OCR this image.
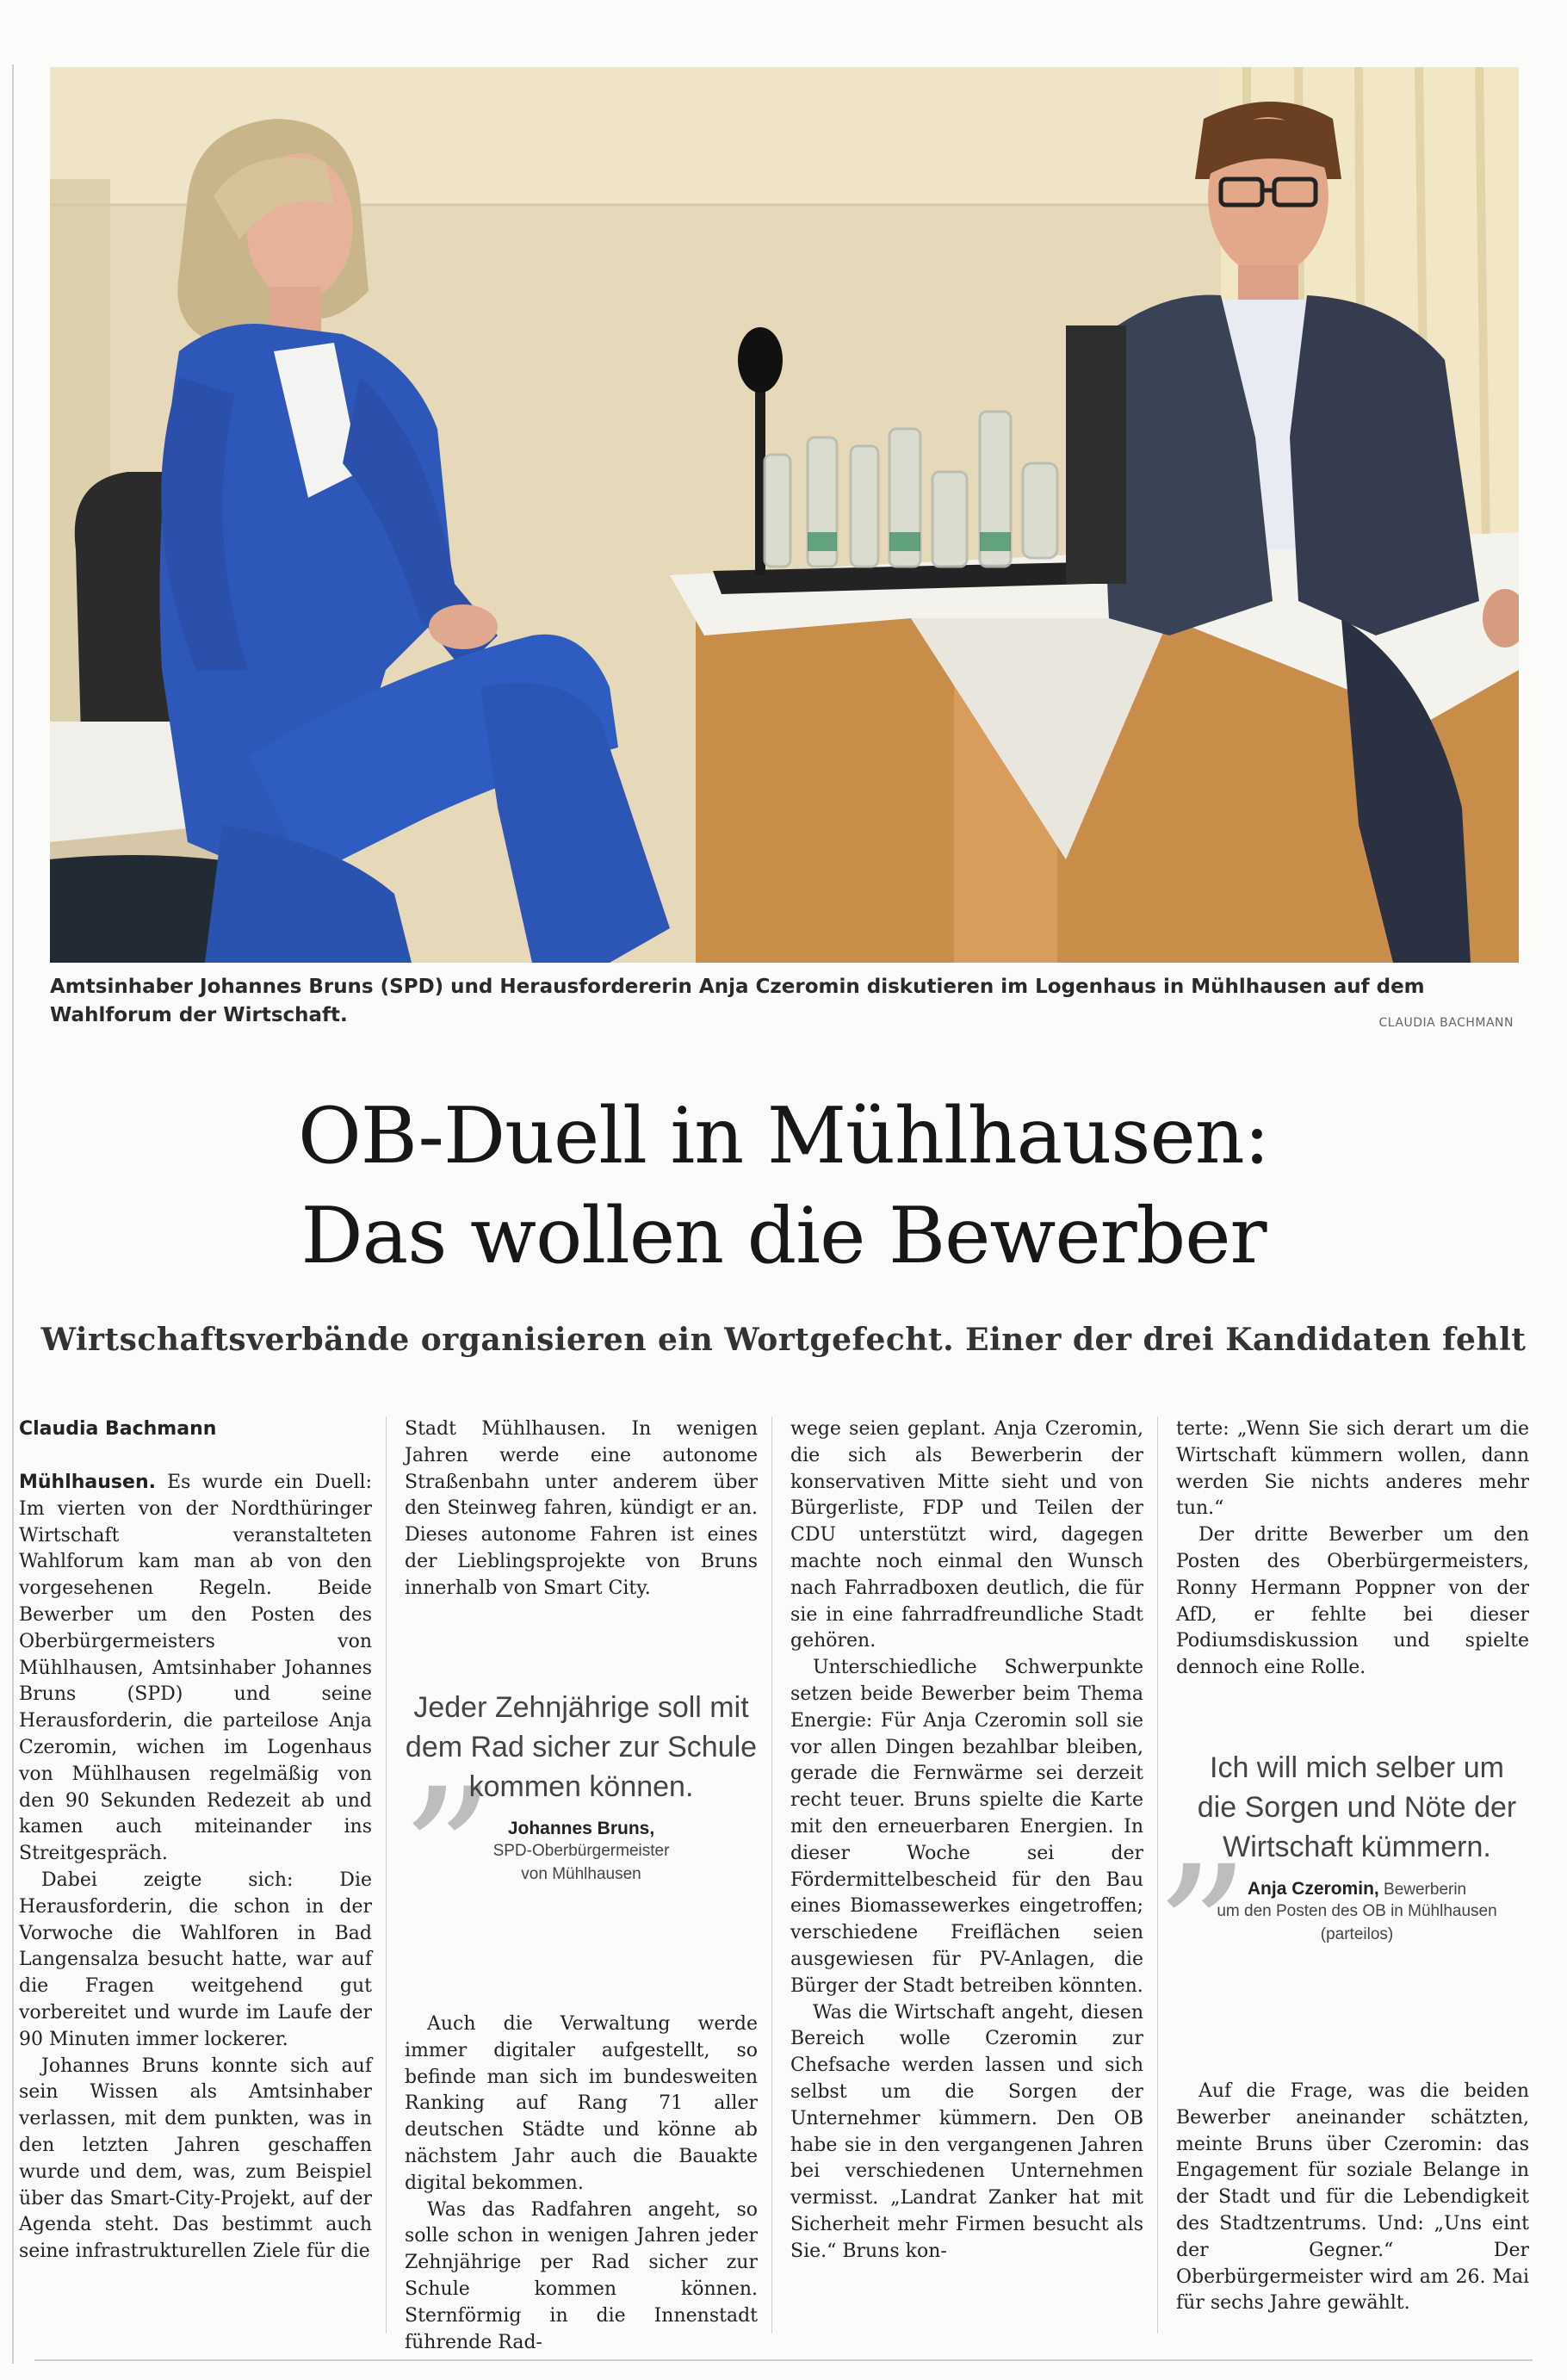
Amtsinhaber Johannes Bruns (SPD) und Herausfordererin Anja Czeromin diskutieren im Logenhaus in Mühlhausen auf dem Wahlforum der Wirtschaft.	CLAUDIA BACHMANN
OB-Duell in Mühlhausen:
Das wollen die Bewerber
Wirtschaftsverbände organisieren ein Wortgefecht. Einer der drei Kandidaten fehlt
Claudia Bachmann

Mühlhausen. Es wurde ein Duell: Im vierten von der Nordthüringer Wirtschaft veranstalteten Wahlforum kam man ab von den vorgesehenen Regeln. Beide Bewerber um den Posten des Oberbürgermeisters von Mühlhausen, Amtsinhaber Johannes Bruns (SPD) und seine Herausforderin, die parteilose Anja Czeromin, wichen im Logenhaus von Mühlhausen regelmäßig von den 90 Sekunden Redezeit ab und kamen auch miteinander ins Streitgespräch.

Dabei zeigte sich: Die Herausforderin, die schon in der Vorwoche die Wahlforen in Bad Langensalza besucht hatte, war auf die Fragen weitgehend gut vorbereitet und wurde im Laufe der 90 Minuten immer lockerer.

Johannes Bruns konnte sich auf sein Wissen als Amtsinhaber verlassen, mit dem punkten, was in den letzten Jahren geschaffen wurde und dem, was, zum Beispiel über das Smart-City-Projekt, auf der Agenda steht. Das bestimmt auch seine infrastrukturellen Ziele für die

Stadt Mühlhausen. In wenigen Jahren werde eine autonome Straßenbahn unter anderem über den Steinweg fahren, kündigt er an. Dieses autonome Fahren ist eines der Lieblingsprojekte von Bruns innerhalb von Smart City.

Auch die Verwaltung werde immer digitaler aufgestellt, so befinde man sich im bundesweiten Ranking auf Rang 71 aller deutschen Städte und könne ab nächstem Jahr auch die Bauakte digital bekommen.

Was das Radfahren angeht, so solle schon in wenigen Jahren jeder Zehnjährige per Rad sicher zur Schule kommen können. Sternförmig in die Innenstadt führende Rad-

„
Jeder Zehnjährige soll mit dem Rad sicher zur Schule kommen können.
Johannes Bruns,
SPD-Oberbürgermeister von Mühlhausen

wege seien geplant. Anja Czeromin, die sich als Bewerberin der konservativen Mitte sieht und von Bürgerliste, FDP und Teilen der CDU unterstützt wird, dagegen machte noch einmal den Wunsch nach Fahrradboxen deutlich, die für sie in eine fahrradfreundliche Stadt gehören.

Unterschiedliche Schwerpunkte setzen beide Bewerber beim Thema Energie: Für Anja Czeromin soll sie vor allen Dingen bezahlbar bleiben, gerade die Fernwärme sei derzeit recht teuer. Bruns spielte die Karte mit den erneuerbaren Energien. In dieser Woche sei der Fördermittelbescheid für den Bau eines Biomassewerkes eingetroffen; verschiedene Freiflächen seien ausgewiesen für PV-Anlagen, die Bürger der Stadt betreiben könnten.

Was die Wirtschaft angeht, diesen Bereich wolle Czeromin zur Chefsache werden lassen und sich selbst um die Sorgen der Unternehmer kümmern. Den OB habe sie in den vergangenen Jahren bei verschiedenen Unternehmen vermisst. „Landrat Zanker hat mit Sicherheit mehr Firmen besucht als Sie.“ Bruns kon-

terte: „Wenn Sie sich derart um die Wirtschaft kümmern wollen, dann werden Sie nichts anderes mehr tun.“

Der dritte Bewerber um den Posten des Oberbürgermeisters, Ronny Hermann Poppner von der AfD, er fehlte bei dieser Podiumsdiskussion und spielte dennoch eine Rolle.

„
Ich will mich selber um die Sorgen und Nöte der Wirtschaft kümmern.
Anja Czeromin, Bewerberin
um den Posten des OB in Mühlhausen (parteilos)

Auf die Frage, was die beiden Bewerber aneinander schätzten, meinte Bruns über Czeromin: das Engagement für soziale Belange in der Stadt und für die Lebendigkeit des Stadtzentrums. Und: „Uns eint der Gegner.“ Der Oberbürgermeister wird am 26. Mai für sechs Jahre gewählt.
